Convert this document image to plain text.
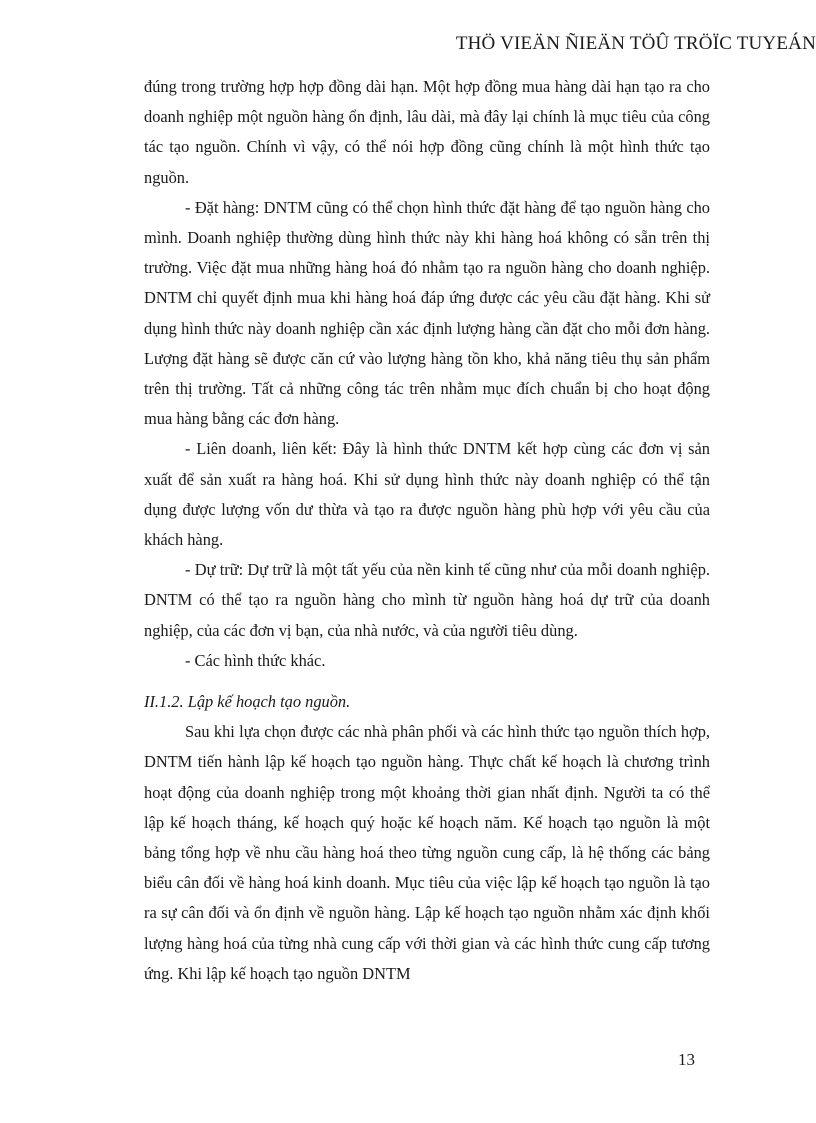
THÖ VIEÄN ÑIEÄN TÖÛ TRÖÏC TUYEÁN

đúng trong trường hợp hợp đồng dài hạn. Một hợp đồng mua hàng dài hạn tạo ra cho doanh nghiệp một nguồn hàng ổn định, lâu dài, mà đây lại chính là mục tiêu của công tác tạo nguồn. Chính vì vậy, có thể nói hợp đồng cũng chính là một hình thức tạo nguồn.

- Đặt hàng: DNTM cũng có thể chọn hình thức đặt hàng để tạo nguồn hàng cho mình. Doanh nghiệp thường dùng hình thức này khi hàng hoá không có sẵn trên thị trường. Việc đặt mua những hàng hoá đó nhằm tạo ra nguồn hàng cho doanh nghiệp. DNTM chỉ quyết định mua khi hàng hoá đáp ứng được các yêu cầu đặt hàng. Khi sử dụng hình thức này doanh nghiệp cần xác định lượng hàng cần đặt cho mỗi đơn hàng. Lượng đặt hàng sẽ được căn cứ vào lượng hàng tồn kho, khả năng tiêu thụ sản phẩm trên thị trường. Tất cả những công tác trên nhằm mục đích chuẩn bị cho hoạt động mua hàng bằng các đơn hàng.

- Liên doanh, liên kết: Đây là hình thức DNTM kết hợp cùng các đơn vị sản xuất để sản xuất ra hàng hoá. Khi sử dụng hình thức này doanh nghiệp có thể tận dụng được lượng vốn dư thừa và tạo ra được nguồn hàng phù hợp với yêu cầu của khách hàng.

- Dự trữ: Dự trữ là một tất yếu của nền kinh tế cũng như của mỗi doanh nghiệp. DNTM có thể tạo ra nguồn hàng cho mình từ nguồn hàng hoá dự trữ của doanh nghiệp, của các đơn vị bạn, của nhà nước, và của người tiêu dùng.

- Các hình thức khác.

II.1.2. Lập kế hoạch tạo nguồn.

Sau khi lựa chọn được các nhà phân phối và các hình thức tạo nguồn thích hợp, DNTM tiến hành lập kế hoạch tạo nguồn hàng. Thực chất kế hoạch là chương trình hoạt động của doanh nghiệp trong một khoảng thời gian nhất định. Người ta có thể lập kế hoạch tháng, kế hoạch quý hoặc kế hoạch năm. Kế hoạch tạo nguồn là một bảng tổng hợp về nhu cầu hàng hoá theo từng nguồn cung cấp, là hệ thống các bảng biểu cân đối về hàng hoá kinh doanh. Mục tiêu của việc lập kế hoạch tạo nguồn là tạo ra sự cân đối và ổn định về nguồn hàng. Lập kế hoạch tạo nguồn nhằm xác định khối lượng hàng hoá của từng nhà cung cấp với thời gian và các hình thức cung cấp tương ứng. Khi lập kế hoạch tạo nguồn DNTM

13
